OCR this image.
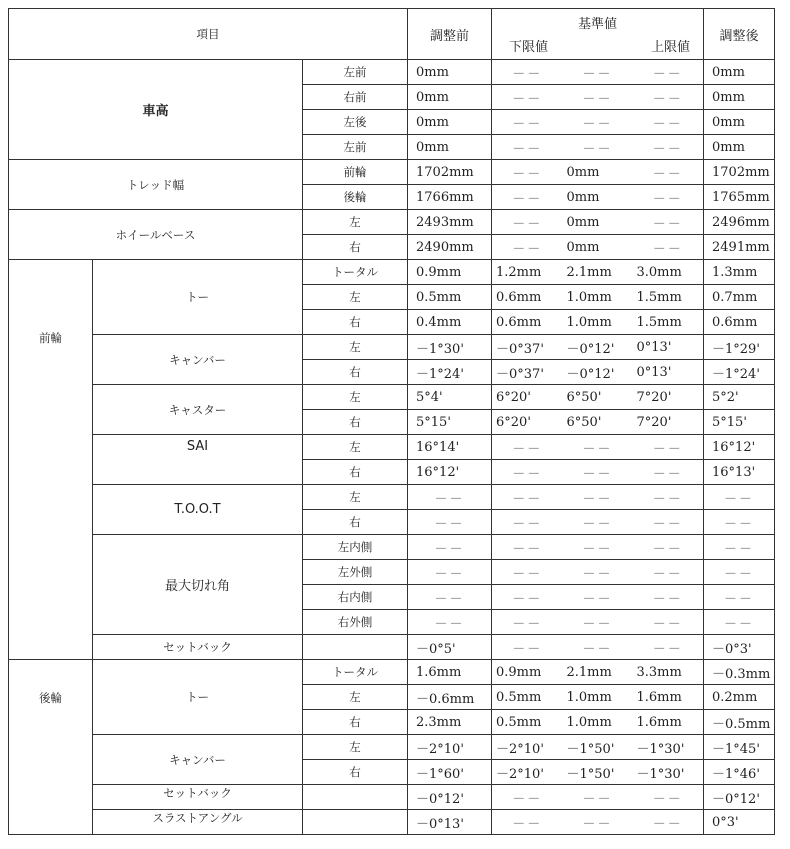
項目			調整前	基準値
下限値 上限値			調整後
車高		左前	0mm	－－	－－	－－	0mm
		右前	0mm	－－	－－	－－	0mm
		左後	0mm	－－	－－	－－	0mm
		左前	0mm	－－	－－	－－	0mm
トレッド幅		前輪	1702mm	－－	0mm	－－	1702mm
		後輪	1766mm	－－	0mm	－－	1765mm
ホイールベース		左	2493mm	－－	0mm	－－	2496mm
		右	2490mm	－－	0mm	－－	2491mm
前輪	トー	トータル	0.9mm	1.2mm	2.1mm	3.0mm	1.3mm
		左	0.5mm	0.6mm	1.0mm	1.5mm	0.7mm
		右	0.4mm	0.6mm	1.0mm	1.5mm	0.6mm
	キャンバー	左	－1°30'	－0°37'	－0°12'	0°13'	－1°29'
		右	－1°24'	－0°37'	－0°12'	0°13'	－1°24'
	キャスター	左	5°4'	6°20'	6°50'	7°20'	5°2'
		右	5°15'	6°20'	6°50'	7°20'	5°15'
	SAI	左	16°14'	－－	－－	－－	16°12'
		右	16°12'	－－	－－	－－	16°13'
	T.O.O.T	左	－－	－－	－－	－－	－－
		右	－－	－－	－－	－－	－－
	最大切れ角	左内側	－－	－－	－－	－－	－－
		左外側	－－	－－	－－	－－	－－
		右内側	－－	－－	－－	－－	－－
		右外側	－－	－－	－－	－－	－－
	セットバック		－0°5'	－－	－－	－－	－0°3'
後輪	トー	トータル	1.6mm	0.9mm	2.1mm	3.3mm	－0.3mm
		左	－0.6mm	0.5mm	1.0mm	1.6mm	0.2mm
		右	2.3mm	0.5mm	1.0mm	1.6mm	－0.5mm
	キャンバー	左	－2°10'	－2°10'	－1°50'	－1°30'	－1°45'
		右	－1°60'	－2°10'	－1°50'	－1°30'	－1°46'
	セットバック		－0°12'	－－	－－	－－	－0°12'
	スラストアングル		－0°13'	－－	－－	－－	0°3'
